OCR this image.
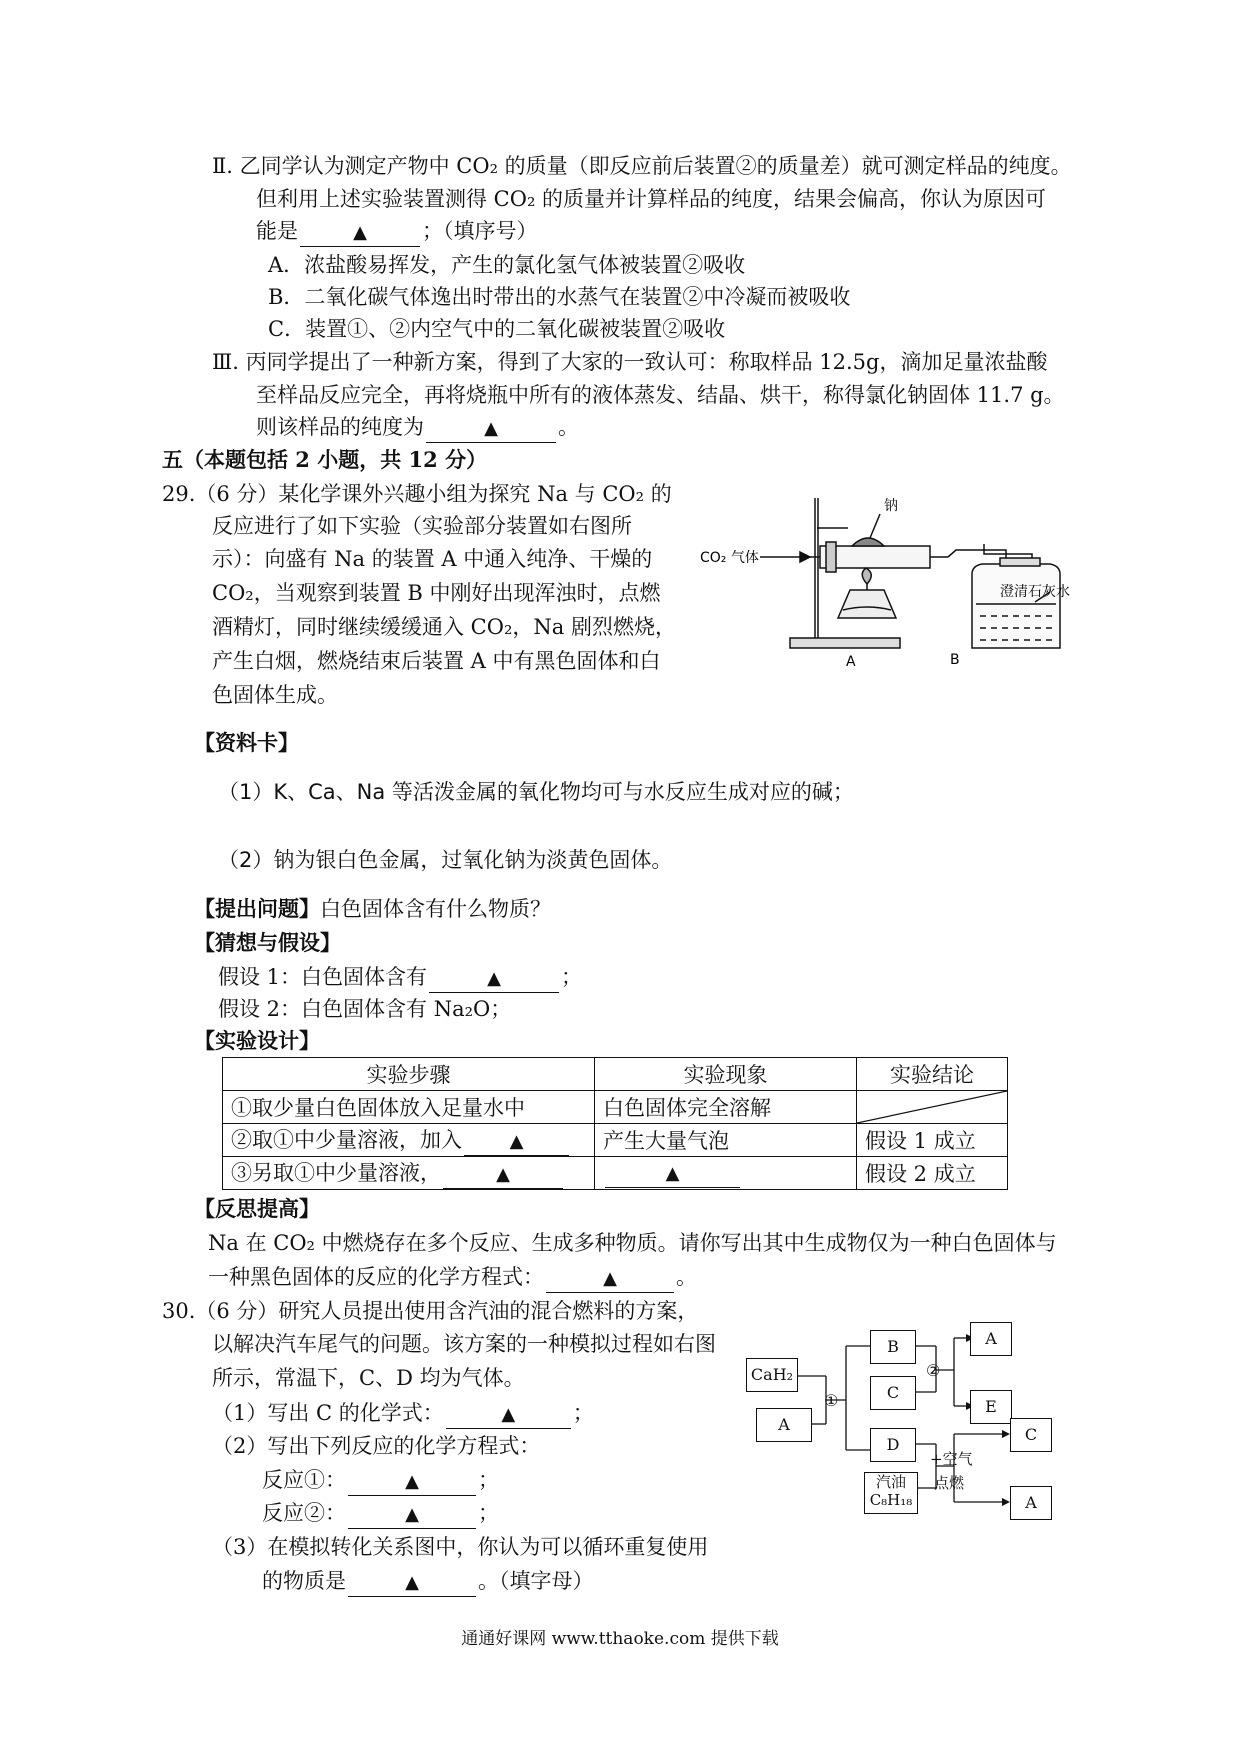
Ⅱ. 乙同学认为测定产物中 CO₂ 的质量（即反应前后装置②的质量差）就可测定样品的纯度。
但利用上述实验装置测得 CO₂ 的质量并计算样品的纯度，结果会偏高，你认为原因可
能是	▲	；（填序号）
A．浓盐酸易挥发，产生的氯化氢气体被装置②吸收
B．二氧化碳气体逸出时带出的水蒸气在装置②中冷凝而被吸收
C．装置①、②内空气中的二氧化碳被装置②吸收
Ⅲ. 丙同学提出了一种新方案，得到了大家的一致认可：称取样品 12.5g，滴加足量浓盐酸
至样品反应完全，再将烧瓶中所有的液体蒸发、结晶、烘干，称得氯化钠固体 11.7 g。
则该样品的纯度为	▲	。
五（本题包括 2 小题，共 12 分）
29.（6 分）某化学课外兴趣小组为探究 Na 与 CO₂ 的
反应进行了如下实验（实验部分装置如右图所
示）：向盛有 Na 的装置 A 中通入纯净、干燥的
CO₂，当观察到装置 B 中刚好出现浑浊时，点燃
酒精灯，同时继续缓缓通入 CO₂，Na 剧烈燃烧，
产生白烟，燃烧结束后装置 A 中有黑色固体和白
色固体生成。
钠
CO₂ 气体
澄清石灰水
A	B
【资料卡】
（1）K、Ca、Na 等活泼金属的氧化物均可与水反应生成对应的碱；
（2）钠为银白色金属，过氧化钠为淡黄色固体。
【提出问题】白色固体含有什么物质？
【猜想与假设】
假设 1：白色固体含有	▲	；
假设 2：白色固体含有 Na₂O；
【实验设计】
实验步骤	实验现象	实验结论
①取少量白色固体放入足量水中	白色固体完全溶解	

②取①中少量溶液，加入 ▲	产生大量气泡	假设 1 成立
③另取①中少量溶液， ▲	▲	假设 2 成立
【反思提高】
Na 在 CO₂ 中燃烧存在多个反应、生成多种物质。请你写出其中生成物仅为一种白色固体与
一种黑色固体的反应的化学方程式：	▲	。
30.（6 分）研究人员提出使用含汽油的混合燃料的方案，
以解决汽车尾气的问题。该方案的一种模拟过程如右图
所示，常温下，C、D 均为气体。
（1）写出 C 的化学式：	▲	；
（2）写出下列反应的化学方程式：
反应①：	▲	；
反应②：	▲	；
（3）在模拟转化关系图中，你认为可以循环重复使用
的物质是	▲	。（填字母）
CaH₂
A
①
B
C
②
A
E
D
汽油
C₈H₁₈
+空气
点燃
C
A
通通好课网 www.tthaoke.com 提供下载
